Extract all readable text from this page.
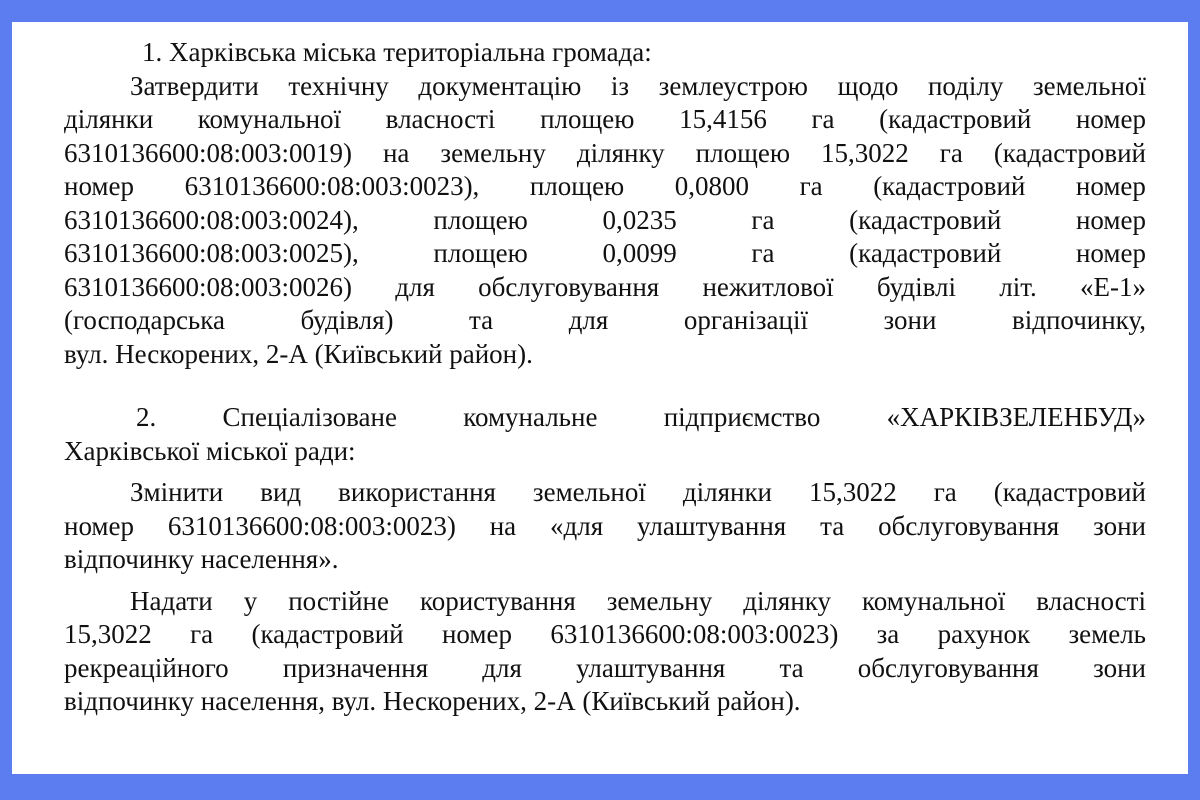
1. Харківська міська територіальна громада:
Затвердити технічну документацію із землеустрою щодо поділу земельної
ділянки комунальної власності площею 15,4156 га (кадастровий номер
6310136600:08:003:0019) на земельну ділянку площею 15,3022 га (кадастровий
номер 6310136600:08:003:0023), площею 0,0800 га (кадастровий номер
6310136600:08:003:0024),	площею	0,0235	га	(кадастровий	номер
6310136600:08:003:0025),	площею	0,0099	га	(кадастровий	номер
6310136600:08:003:0026) для обслуговування нежитлової будівлі літ. «Е-1»
(господарська	будівля)	та	для	організації	зони	відпочинку,
вул. Нескорених, 2-А (Київський район).
2. Спеціалізоване комунальне підприємство «ХАРКІВЗЕЛЕНБУД»
Харківської міської ради:
Змінити вид використання земельної ділянки 15,3022 га (кадастровий
номер 6310136600:08:003:0023) на «для улаштування та обслуговування зони
відпочинку населення».
Надати у постійне користування земельну ділянку комунальної власності
15,3022 га (кадастровий номер 6310136600:08:003:0023) за рахунок земель
рекреаційного призначення для улаштування та обслуговування зони
відпочинку населення, вул. Нескорених, 2-А (Київський район).
